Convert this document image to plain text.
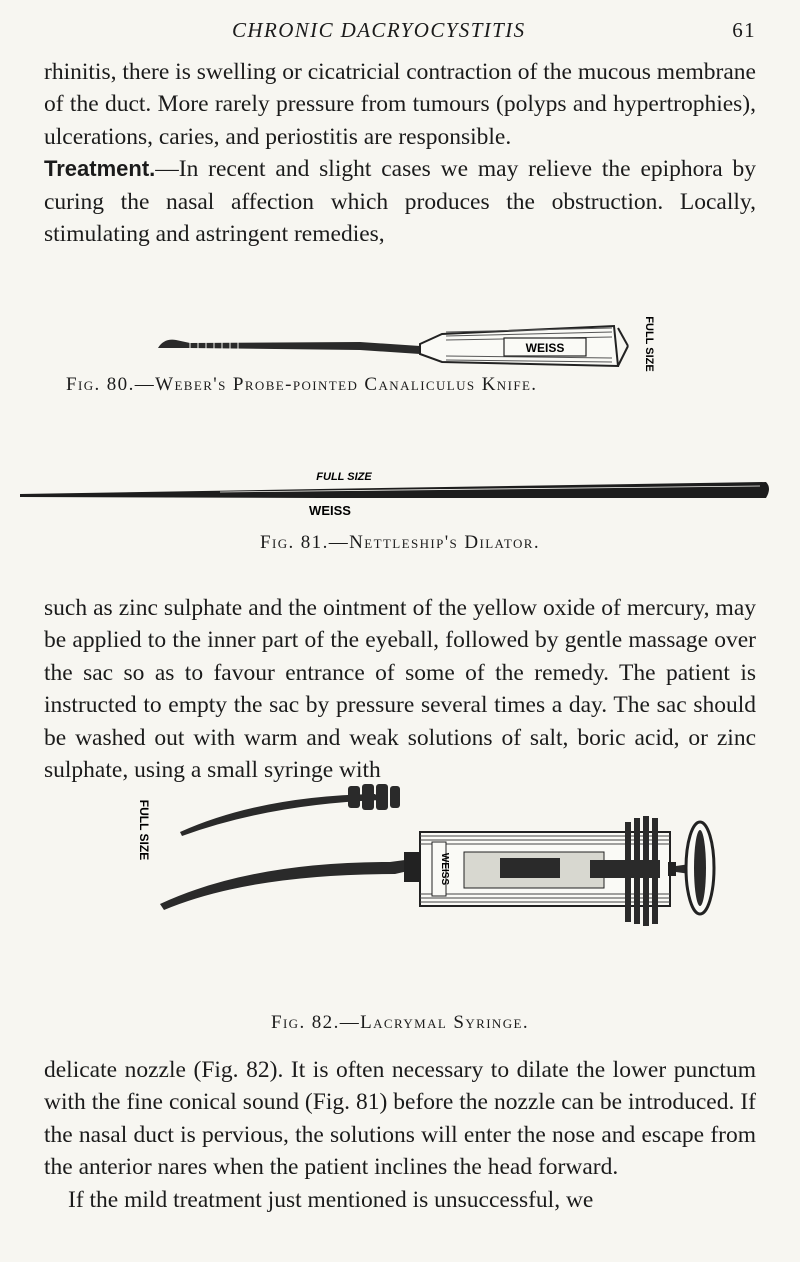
CHRONIC DACRYOCYSTITIS	61

rhinitis, there is swelling or cicatricial contraction of the mucous membrane of the duct. More rarely pressure from tumours (polyps and hypertrophies), ulcerations, caries, and periostitis are responsible.
Treatment.—In recent and slight cases we may relieve the epiphora by curing the nasal affection which produces the obstruction. Locally, stimulating and astringent remedies,

WEISS	FULL SIZE
Fig. 80.—Weber's Probe-pointed Canaliculus Knife.
FULL SIZE
WEISS
Fig. 81.—Nettleship's Dilator.

such as zinc sulphate and the ointment of the yellow oxide of mercury, may be applied to the inner part of the eyeball, followed by gentle massage over the sac so as to favour entrance of some of the remedy. The patient is instructed to empty the sac by pressure several times a day. The sac should be washed out with warm and weak solutions of salt, boric acid, or zinc sulphate, using a small syringe with

WEISS
FULL SIZE
Fig. 82.—Lacrymal Syringe.

delicate nozzle (Fig. 82). It is often necessary to dilate the lower punctum with the fine conical sound (Fig. 81) before the nozzle can be introduced. If the nasal duct is pervious, the solutions will enter the nose and escape from the anterior nares when the patient inclines the head forward.
If the mild treatment just mentioned is unsuccessful, we
